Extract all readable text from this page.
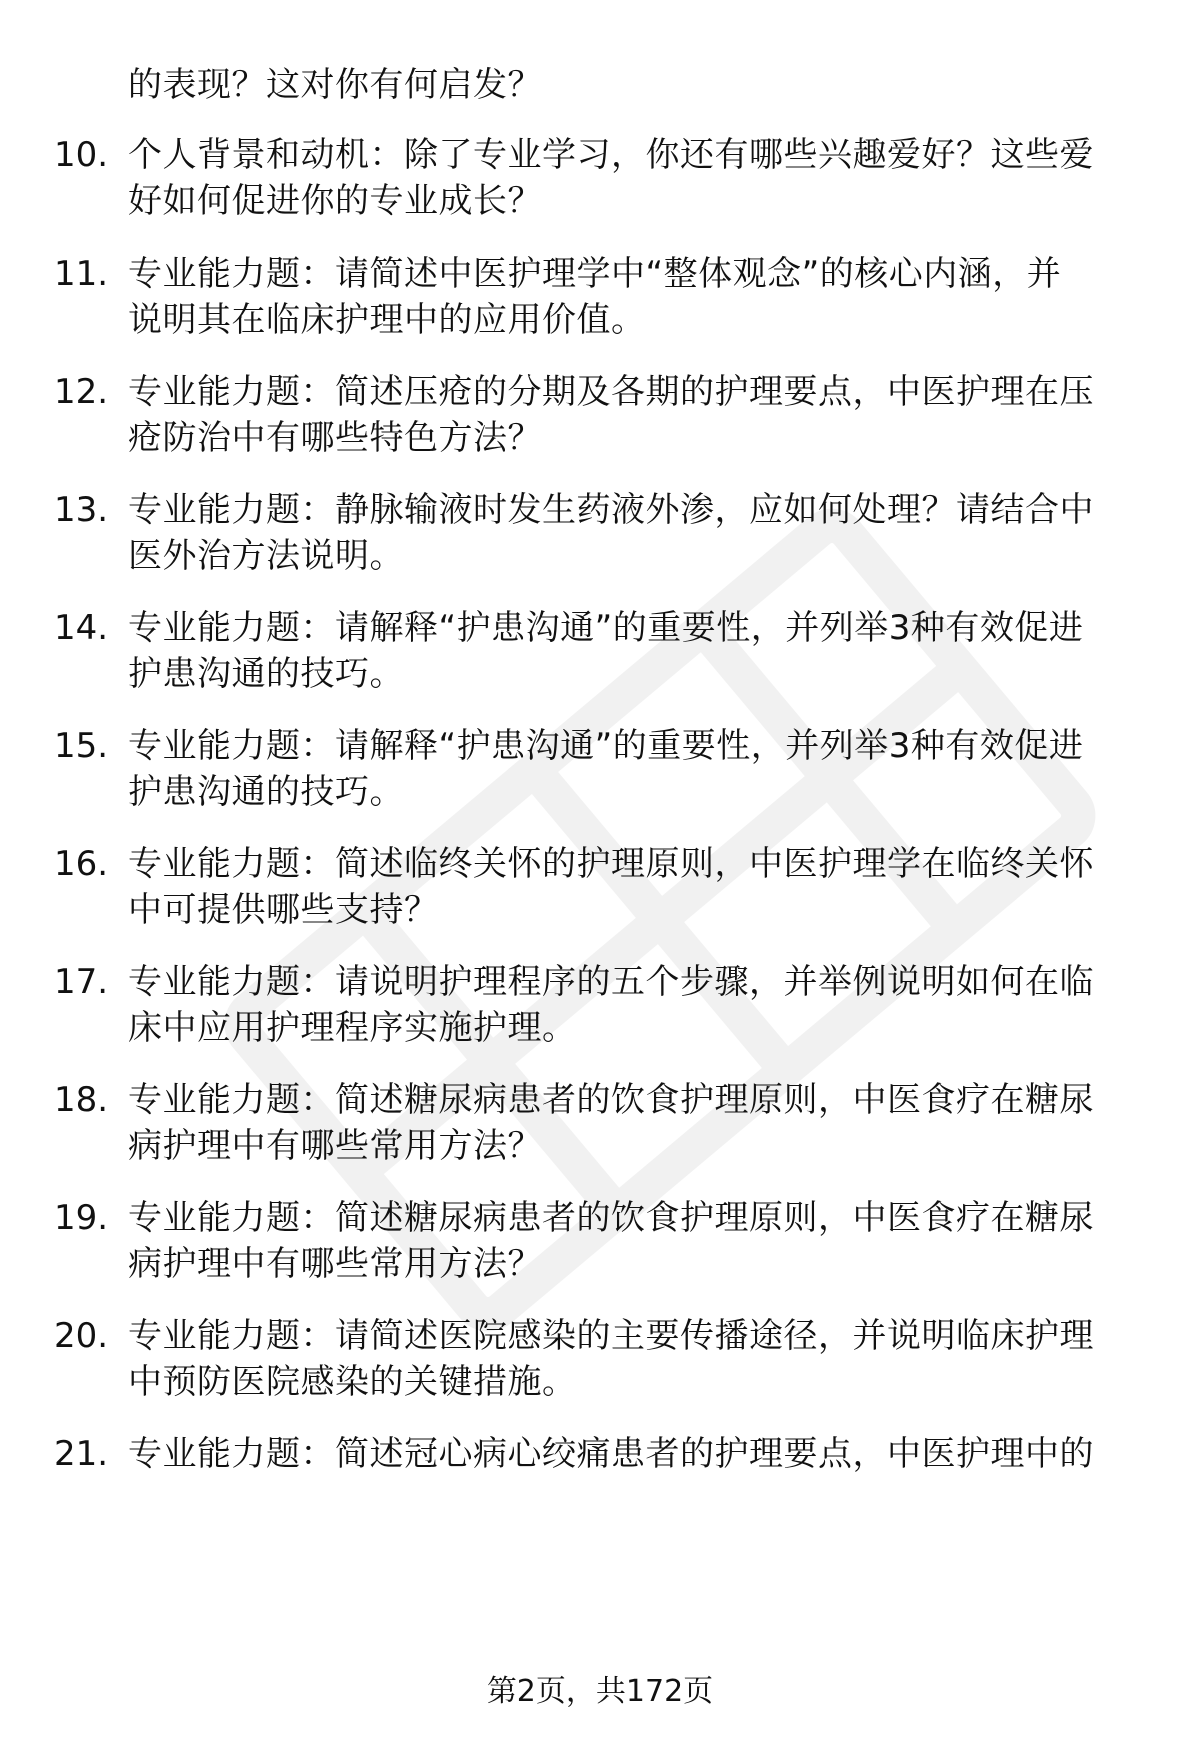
的表现？这对你有何启发？
10. 个人背景和动机：除了专业学习，你还有哪些兴趣爱好？这些爱
好如何促进你的专业成长？
11. 专业能力题：请简述中医护理学中“整体观念”的核心内涵，并
说明其在临床护理中的应用价值。
12. 专业能力题：简述压疮的分期及各期的护理要点，中医护理在压
疮防治中有哪些特色方法？
13. 专业能力题：静脉输液时发生药液外渗，应如何处理？请结合中
医外治方法说明。
14. 专业能力题：请解释“护患沟通”的重要性，并列举3种有效促进
护患沟通的技巧。
15. 专业能力题：请解释“护患沟通”的重要性，并列举3种有效促进
护患沟通的技巧。
16. 专业能力题：简述临终关怀的护理原则，中医护理学在临终关怀
中可提供哪些支持？
17. 专业能力题：请说明护理程序的五个步骤，并举例说明如何在临
床中应用护理程序实施护理。
18. 专业能力题：简述糖尿病患者的饮食护理原则，中医食疗在糖尿
病护理中有哪些常用方法？
19. 专业能力题：简述糖尿病患者的饮食护理原则，中医食疗在糖尿
病护理中有哪些常用方法？
20. 专业能力题：请简述医院感染的主要传播途径，并说明临床护理
中预防医院感染的关键措施。
21. 专业能力题：简述冠心病心绞痛患者的护理要点，中医护理中的
第2页，共172页
